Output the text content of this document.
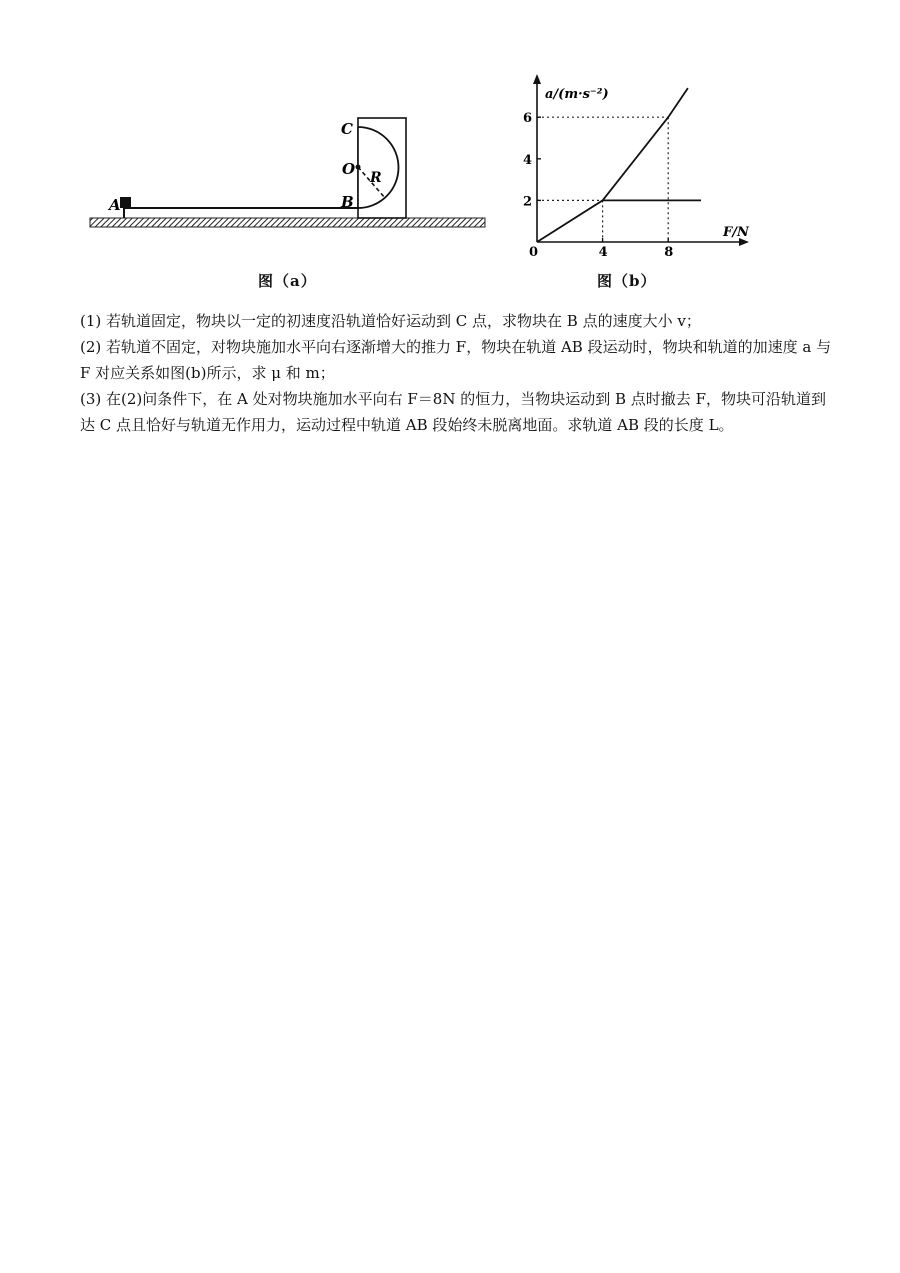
A	B
C
O R
图（a）
4	8
2
4
6
a/(m·s⁻²)
F/N
0
图（b）

(1) 若轨道固定，物块以一定的初速度沿轨道恰好运动到 C 点，求物块在 B 点的速度大小 v；

(2) 若轨道不固定，对物块施加水平向右逐渐增大的推力 F，物块在轨道 AB 段运动时，物块和轨道的加速度 a 与 F 对应关系如图(b)所示，求 μ 和 m；

(3) 在(2)问条件下，在 A 处对物块施加水平向右 F＝8N 的恒力，当物块运动到 B 点时撤去 F，物块可沿轨道到达 C 点且恰好与轨道无作用力，运动过程中轨道 AB 段始终未脱离地面。求轨道 AB 段的长度 L。
